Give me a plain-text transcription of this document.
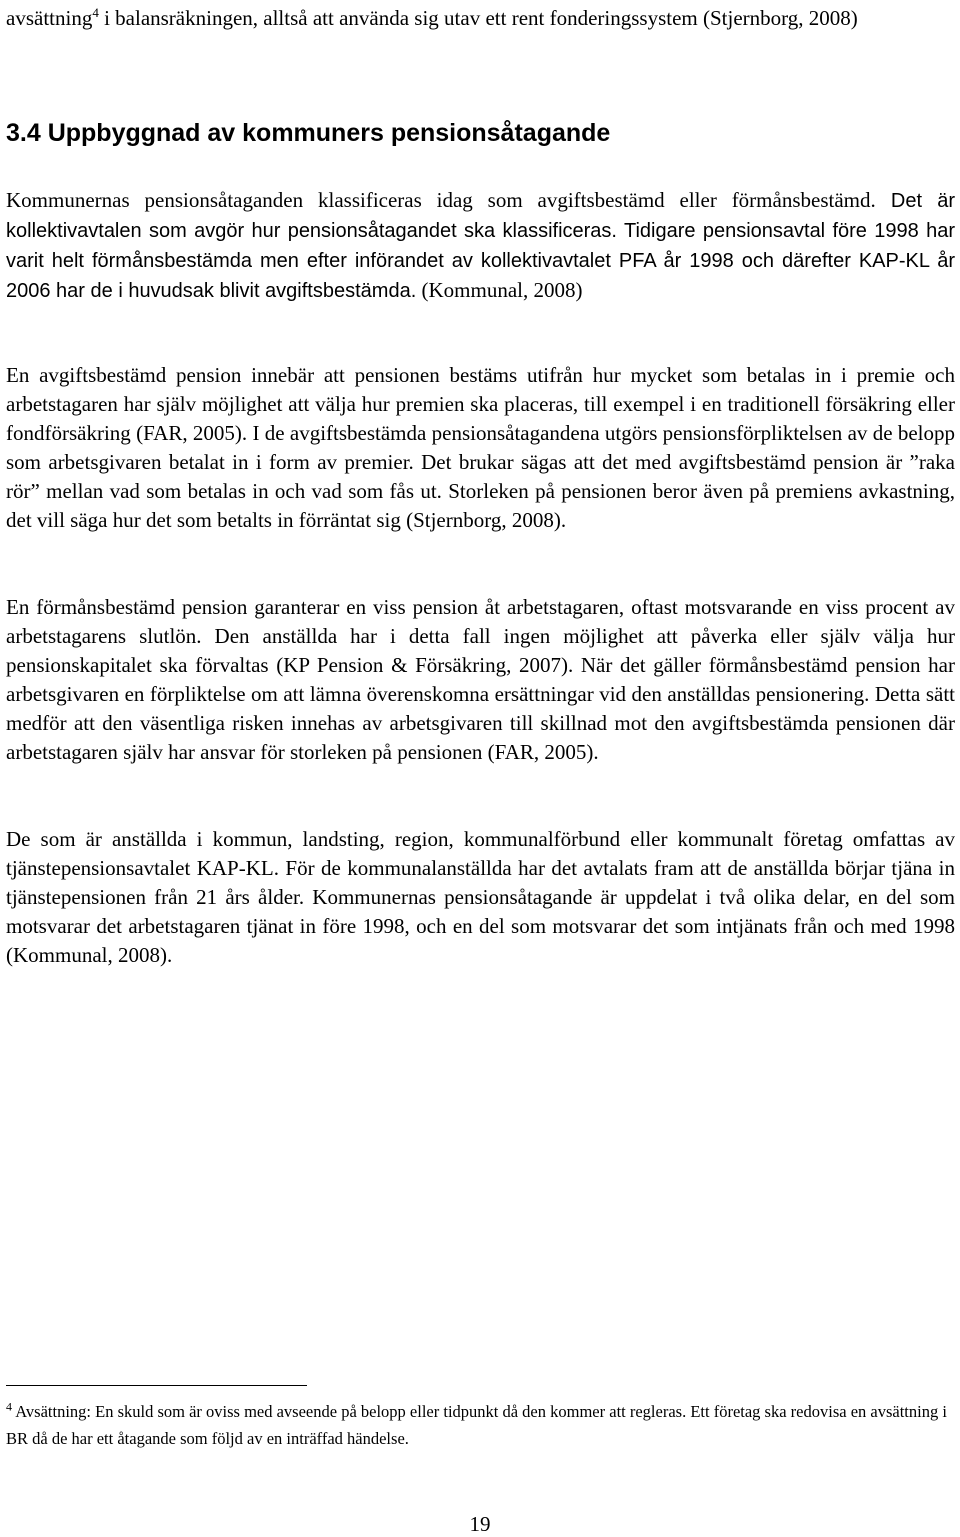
avsättning$^4$ i balansräkningen, alltså att använda sig utav ett rent fonderingssystem (Stjernborg, 2008)

3.4 Uppbyggnad av kommuners pensionsåtagande

Kommunernas pensionsåtaganden klassificeras idag som avgiftsbestämd eller förmånsbestämd. Det är kollektivavtalen som avgör hur pensionsåtagandet ska klassificeras. Tidigare pensionsavtal före 1998 har varit helt förmånsbestämda men efter införandet av kollektivavtalet PFA år 1998 och därefter KAP-KL år 2006 har de i huvudsak blivit avgiftsbestämda. (Kommunal, 2008)

En avgiftsbestämd pension innebär att pensionen bestäms utifrån hur mycket som betalas in i premie och arbetstagaren har själv möjlighet att välja hur premien ska placeras, till exempel i en traditionell försäkring eller fondförsäkring (FAR, 2005). I de avgiftsbestämda pensionsåtagandena utgörs pensionsförpliktelsen av de belopp som arbetsgivaren betalat in i form av premier. Det brukar sägas att det med avgiftsbestämd pension är ”raka rör” mellan vad som betalas in och vad som fås ut. Storleken på pensionen beror även på premiens avkastning, det vill säga hur det som betalts in förräntat sig (Stjernborg, 2008).

En förmånsbestämd pension garanterar en viss pension åt arbetstagaren, oftast motsvarande en viss procent av arbetstagarens slutlön. Den anställda har i detta fall ingen möjlighet att påverka eller själv välja hur pensionskapitalet ska förvaltas (KP Pension & Försäkring, 2007). När det gäller förmånsbestämd pension har arbetsgivaren en förpliktelse om att lämna överenskomna ersättningar vid den anställdas pensionering. Detta sätt medför att den väsentliga risken innehas av arbetsgivaren till skillnad mot den avgiftsbestämda pensionen där arbetstagaren själv har ansvar för storleken på pensionen (FAR, 2005).

De som är anställda i kommun, landsting, region, kommunalförbund eller kommunalt företag omfattas av tjänstepensionsavtalet KAP-KL. För de kommunalanställda har det avtalats fram att de anställda börjar tjäna in tjänstepensionen från 21 års ålder. Kommunernas pensionsåtagande är uppdelat i två olika delar, en del som motsvarar det arbetstagaren tjänat in före 1998, och en del som motsvarar det som intjänats från och med 1998 (Kommunal, 2008).

$^4$ Avsättning: En skuld som är oviss med avseende på belopp eller tidpunkt då den kommer att regleras. Ett företag ska redovisa en avsättning i BR då de har ett åtagande som följd av en inträffad händelse.

19
